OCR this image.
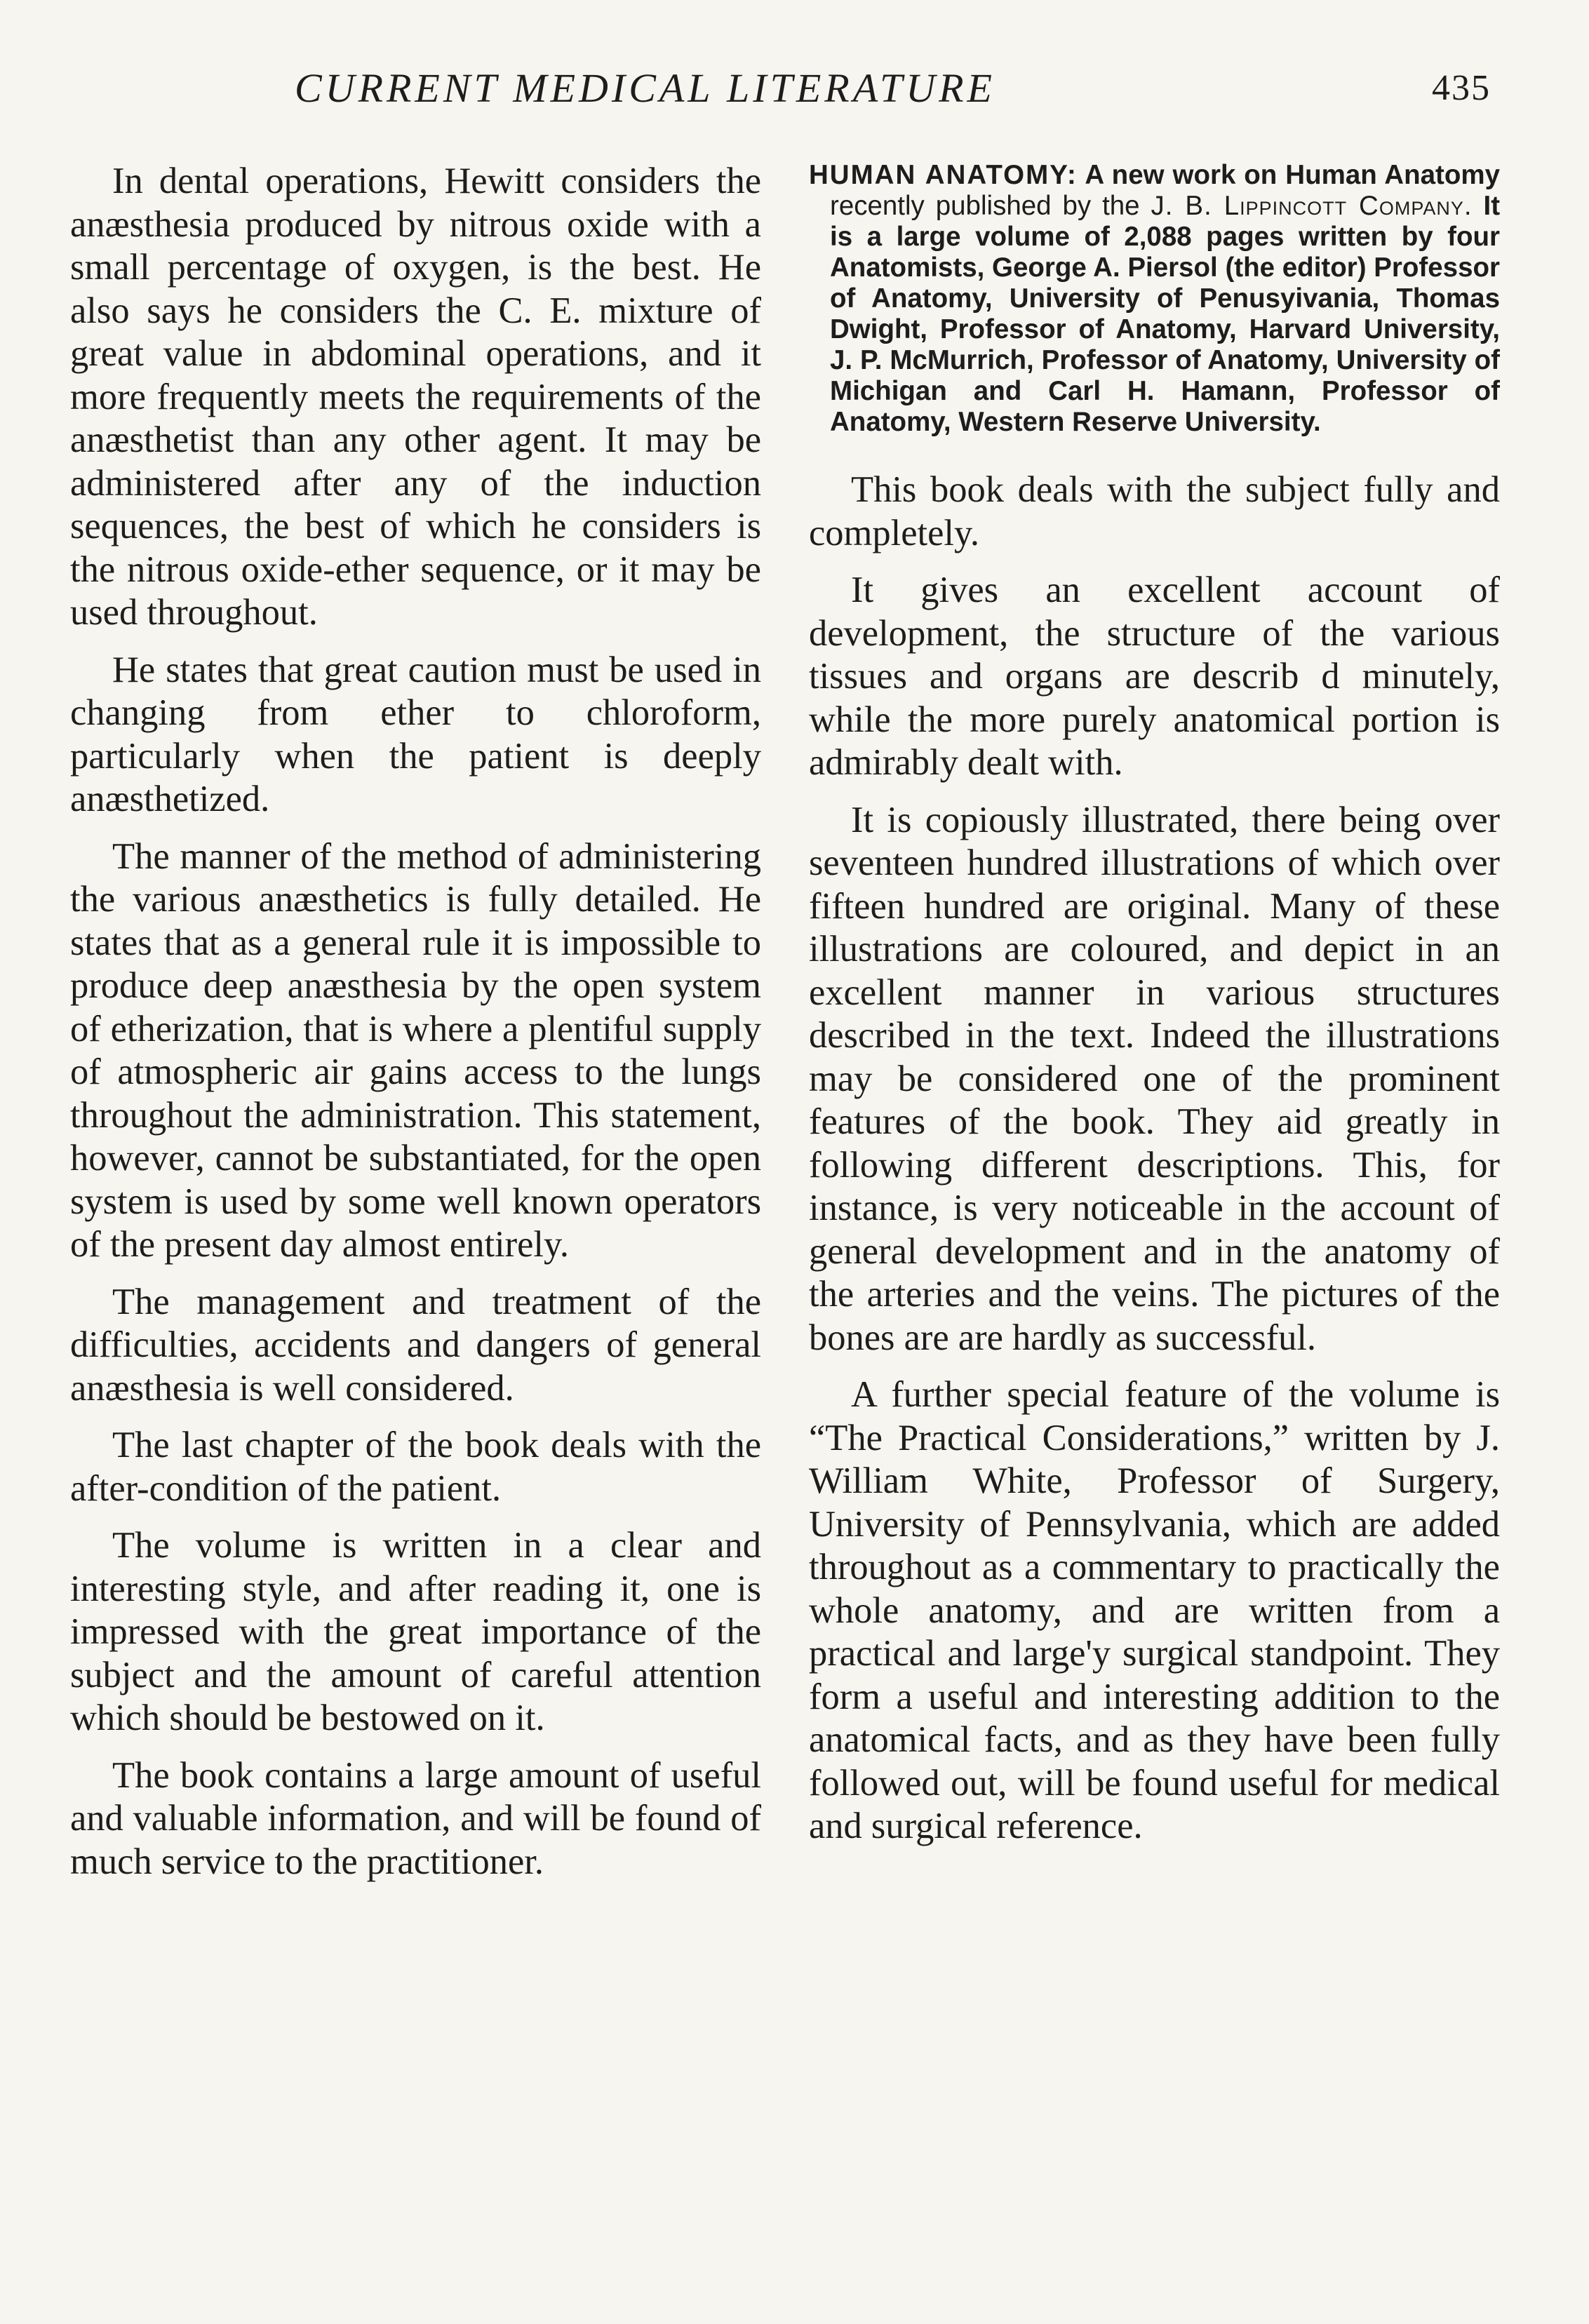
CURRENT MEDICAL LITERATURE	435

In dental operations, Hewitt considers the anæsthesia produced by nitrous oxide with a small percentage of oxygen, is the best. He also says he considers the C. E. mixture of great value in abdominal operations, and it more frequently meets the requirements of the anæsthetist than any other agent. It may be administered after any of the induction sequences, the best of which he considers is the nitrous oxide-ether sequence, or it may be used throughout.

He states that great caution must be used in changing from ether to chloroform, particularly when the patient is deeply anæsthetized.

The manner of the method of administering the various anæsthetics is fully detailed. He states that as a general rule it is impossible to produce deep anæsthesia by the open system of etherization, that is where a plentiful supply of atmospheric air gains access to the lungs throughout the administration. This statement, however, cannot be substantiated, for the open system is used by some well known operators of the present day almost entirely.

The management and treatment of the difficulties, accidents and dangers of general anæsthesia is well considered.

The last chapter of the book deals with the after-condition of the patient.

The volume is written in a clear and interesting style, and after reading it, one is impressed with the great importance of the subject and the amount of careful attention which should be bestowed on it.

The book contains a large amount of useful and valuable information, and will be found of much service to the practitioner.

HUMAN ANATOMY: A new work on Human Anatomy recently published by the J. B. Lippincott Company. It is a large volume of 2,088 pages written by four Anatomists, George A. Piersol (the editor) Professor of Anatomy, University of Penusyivania, Thomas Dwight, Professor of Anatomy, Harvard University, J. P. McMurrich, Professor of Anatomy, University of Michigan and Carl H. Hamann, Professor of Anatomy, Western Reserve University.

This book deals with the subject fully and completely.

It gives an excellent account of development, the structure of the various tissues and organs are describ d minutely, while the more purely anatomical portion is admirably dealt with.

It is copiously illustrated, there being over seventeen hundred illustrations of which over fifteen hundred are original. Many of these illustrations are coloured, and depict in an excellent manner in various structures described in the text. Indeed the illustrations may be considered one of the prominent features of the book. They aid greatly in following different descriptions. This, for instance, is very noticeable in the account of general development and in the anatomy of the arteries and the veins. The pictures of the bones are are hardly as successful.

A further special feature of the volume is “The Practical Considerations,” written by J. William White, Professor of Surgery, University of Pennsylvania, which are added throughout as a commentary to practically the whole anatomy, and are written from a practical and large'y surgical standpoint. They form a useful and interesting addition to the anatomical facts, and as they have been fully followed out, will be found useful for medical and surgical reference.
